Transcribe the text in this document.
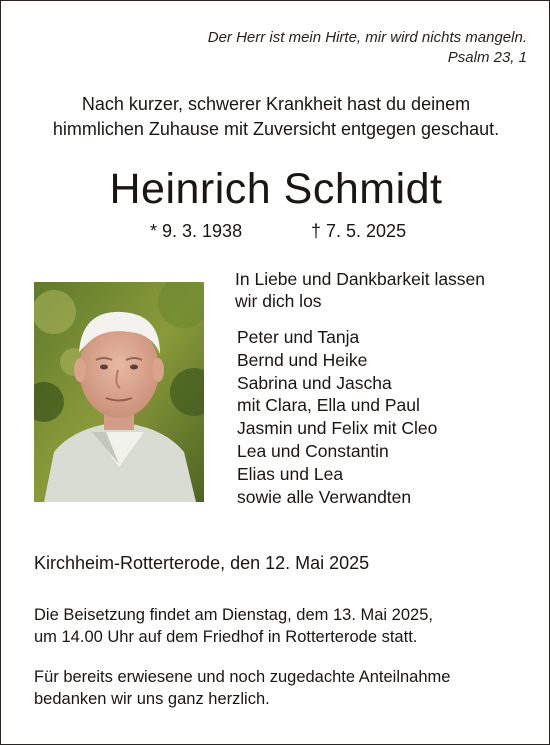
Der Herr ist mein Hirte, mir wird nichts mangeln.
Psalm 23, 1
Nach kurzer, schwerer Krankheit hast du deinem
himmlichen Zuhause mit Zuversicht entgegen geschaut.
Heinrich Schmidt
* 9. 3. 1938	† 7. 5. 2025
In Liebe und Dankbarkeit lassen
wir dich los
Peter und Tanja
Bernd und Heike
Sabrina und Jascha
mit Clara, Ella und Paul
Jasmin und Felix mit Cleo
Lea und Constantin
Elias und Lea
sowie alle Verwandten
Kirchheim-Rotterterode, den 12. Mai 2025
Die Beisetzung findet am Dienstag, dem 13. Mai 2025,
um 14.00 Uhr auf dem Friedhof in Rotterterode statt.
Für bereits erwiesene und noch zugedachte Anteilnahme
bedanken wir uns ganz herzlich.
